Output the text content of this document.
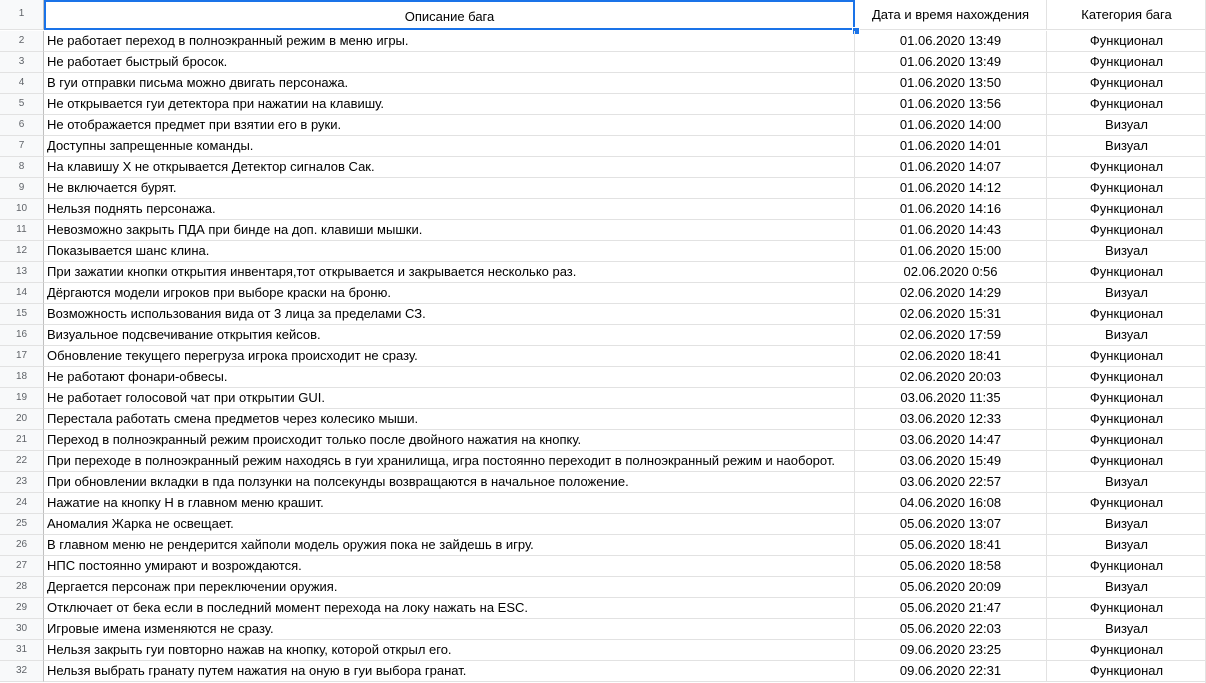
1	Описание бага	Дата и время нахождения	Категория бага
2	Не работает переход в полноэкранный режим в меню игры.	01.06.2020 13:49	Функционал
3	Не работает быстрый бросок.	01.06.2020 13:49	Функционал
4	В гуи отправки письма можно двигать персонажа.	01.06.2020 13:50	Функционал
5	Не открывается гуи детектора при нажатии на клавишу.	01.06.2020 13:56	Функционал
6	Не отображается предмет при взятии его в руки.	01.06.2020 14:00	Визуал
7	Доступны запрещенные команды.	01.06.2020 14:01	Визуал
8	На клавишу X не открывается Детектор сигналов Сак.	01.06.2020 14:07	Функционал
9	Не включается бурят.	01.06.2020 14:12	Функционал
10	Нельзя поднять персонажа.	01.06.2020 14:16	Функционал
11	Невозможно закрыть ПДА при бинде на доп. клавиши мышки.	01.06.2020 14:43	Функционал
12	Показывается шанс клина.	01.06.2020 15:00	Визуал
13	При зажатии кнопки открытия инвентаря,тот открывается и закрывается несколько раз.	02.06.2020 0:56	Функционал
14	Дёргаются модели игроков при выборе краски на броню.	02.06.2020 14:29	Визуал
15	Возможность использования вида от 3 лица за пределами СЗ.	02.06.2020 15:31	Функционал
16	Визуальное подсвечивание открытия кейсов.	02.06.2020 17:59	Визуал
17	Обновление текущего перегруза игрока происходит не сразу.	02.06.2020 18:41	Функционал
18	Не работают фонари-обвесы.	02.06.2020 20:03	Функционал
19	Не работает голосовой чат при открытии GUI.	03.06.2020 11:35	Функционал
20	Перестала работать смена предметов через колесико мыши.	03.06.2020 12:33	Функционал
21	Переход в полноэкранный режим происходит только после двойного нажатия на кнопку.	03.06.2020 14:47	Функционал
22	При переходе в полноэкранный режим находясь в гуи хранилища, игра постоянно переходит в полноэкранный режим и наоборот.	03.06.2020 15:49	Функционал
23	При обновлении вкладки в пда ползунки на полсекунды возвращаются в начальное положение.	03.06.2020 22:57	Визуал
24	Нажатие на кнопку H в главном меню крашит.	04.06.2020 16:08	Функционал
25	Аномалия Жарка не освещает.	05.06.2020 13:07	Визуал
26	В главном меню не рендерится хайполи модель оружия пока не зайдешь в игру.	05.06.2020 18:41	Визуал
27	НПС постоянно умирают и возрождаются.	05.06.2020 18:58	Функционал
28	Дергается персонаж при переключении оружия.	05.06.2020 20:09	Визуал
29	Отключает от бека если в последний момент перехода на локу нажать на ESC.	05.06.2020 21:47	Функционал
30	Игровые имена изменяются не сразу.	05.06.2020 22:03	Визуал
31	Нельзя закрыть гуи повторно нажав на кнопку, которой открыл его.	09.06.2020 23:25	Функционал
32	Нельзя выбрать гранату путем нажатия на оную в гуи выбора гранат.	09.06.2020 22:31	Функционал
